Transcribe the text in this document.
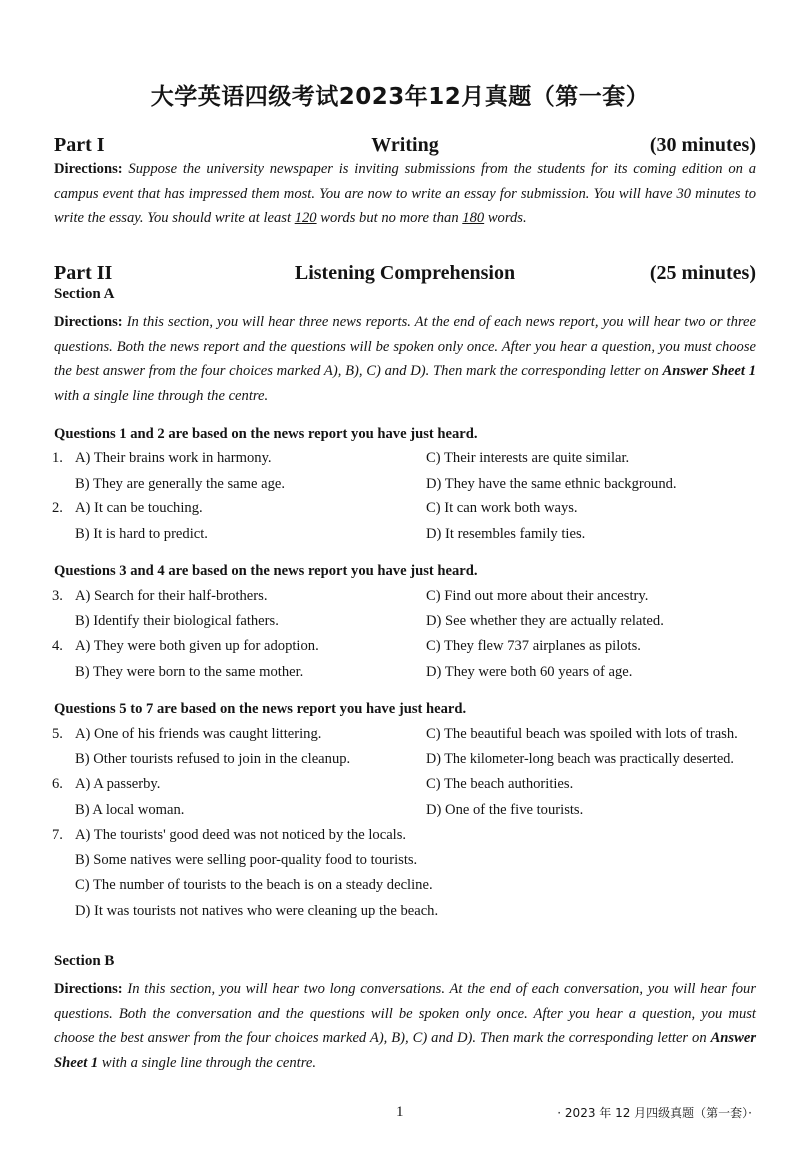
大学英语四级考试2023年12月真题（第一套）
Writing
Part I	(30 minutes)
Directions: Suppose the university newspaper is inviting submissions from the students for its coming edition on a campus event that has impressed them most. You are now to write an essay for submission. You will have 30 minutes to write the essay. You should write at least 120 words but no more than 180 words.
Listening Comprehension
Part II	(25 minutes)
Section A
Directions: In this section, you will hear three news reports. At the end of each news report, you will hear two or three questions. Both the news report and the questions will be spoken only once. After you hear a question, you must choose the best answer from the four choices marked A), B), C) and D). Then mark the corresponding letter on Answer Sheet 1 with a single line through the centre.
Questions 1 and 2 are based on the news report you have just heard.
1. A) Their brains work in harmony.	C) Their interests are quite similar.
B) They are generally the same age.	D) They have the same ethnic background.
2. A) It can be touching.	C) It can work both ways.
B) It is hard to predict.	D) It resembles family ties.
Questions 3 and 4 are based on the news report you have just heard.
3. A) Search for their half-brothers.	C) Find out more about their ancestry.
B) Identify their biological fathers.	D) See whether they are actually related.
4. A) They were both given up for adoption.	C) They flew 737 airplanes as pilots.
B) They were born to the same mother.	D) They were both 60 years of age.
Questions 5 to 7 are based on the news report you have just heard.
5. A) One of his friends was caught littering.	C) The beautiful beach was spoiled with lots of trash.
B) Other tourists refused to join in the cleanup.	D) The kilometer-long beach was practically deserted.
6. A) A passerby.	C) The beach authorities.
B) A local woman.	D) One of the five tourists.
7. A) The tourists' good deed was not noticed by the locals.
B) Some natives were selling poor-quality food to tourists.
C) The number of tourists to the beach is on a steady decline.
D) It was tourists not natives who were cleaning up the beach.
Section B
Directions: In this section, you will hear two long conversations. At the end of each conversation, you will hear four questions. Both the conversation and the questions will be spoken only once. After you hear a question, you must choose the best answer from the four choices marked A), B), C) and D). Then mark the corresponding letter on Answer Sheet 1 with a single line through the centre.
1	· 2023 年 12 月四级真题（第一套）·
